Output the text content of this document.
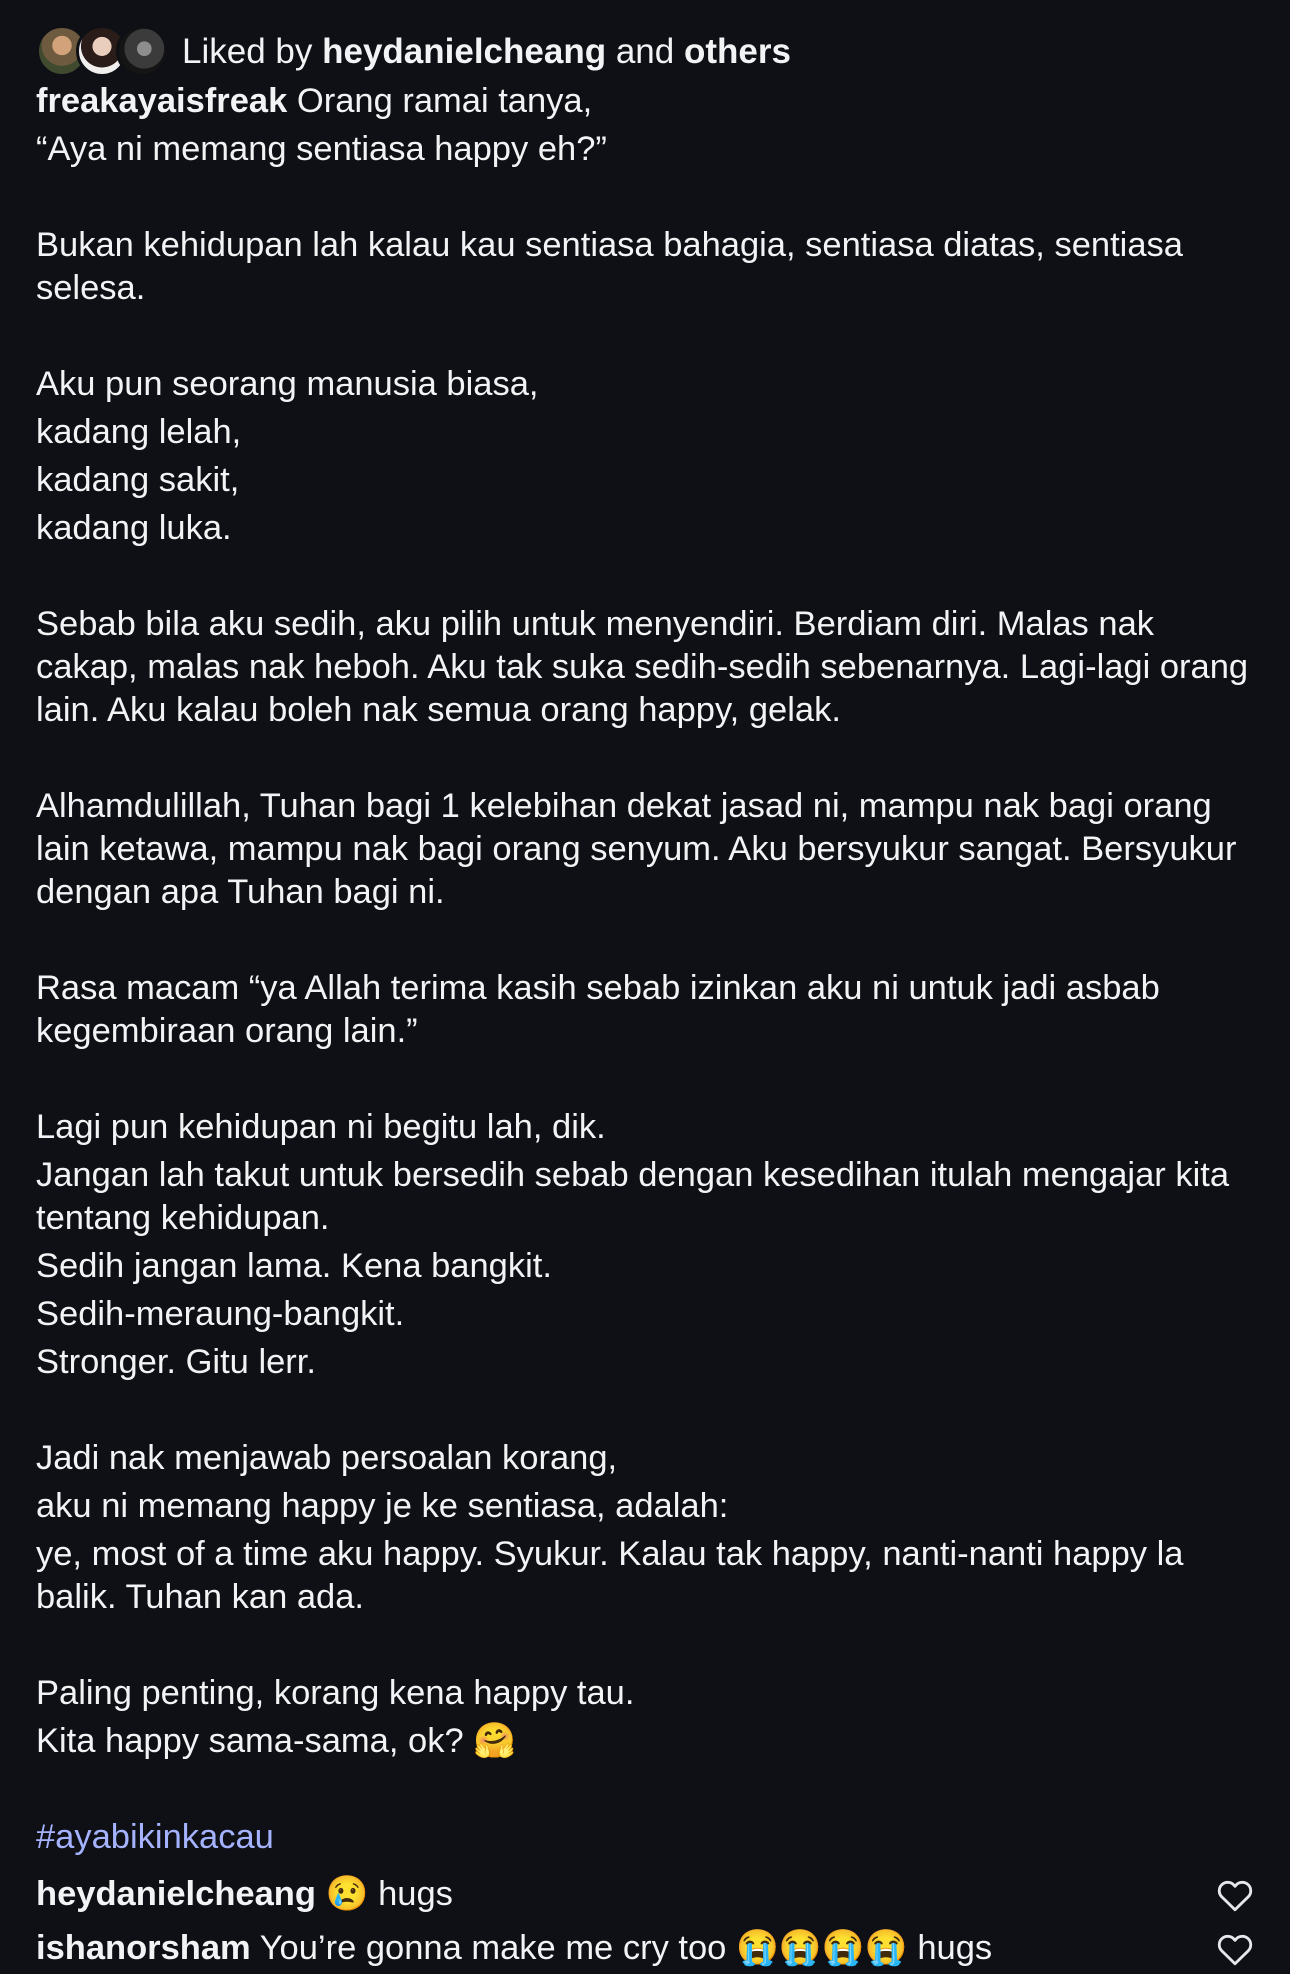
Liked by heydanielcheang and others
freakayaisfreak Orang ramai tanya,
“Aya ni memang sentiasa happy eh?”
Bukan kehidupan lah kalau kau sentiasa bahagia, sentiasa diatas, sentiasa selesa.
Aku pun seorang manusia biasa,
kadang lelah,
kadang sakit,
kadang luka.
Sebab bila aku sedih, aku pilih untuk menyendiri. Berdiam diri. Malas nak cakap, malas nak heboh. Aku tak suka sedih-sedih sebenarnya. Lagi-lagi orang lain. Aku kalau boleh nak semua orang happy, gelak.
Alhamdulillah, Tuhan bagi 1 kelebihan dekat jasad ni, mampu nak bagi orang lain ketawa, mampu nak bagi orang senyum. Aku bersyukur sangat. Bersyukur dengan apa Tuhan bagi ni.
Rasa macam “ya Allah terima kasih sebab izinkan aku ni untuk jadi asbab kegembiraan orang lain.”
Lagi pun kehidupan ni begitu lah, dik.
Jangan lah takut untuk bersedih sebab dengan kesedihan itulah mengajar kita tentang kehidupan.
Sedih jangan lama. Kena bangkit.
Sedih-meraung-bangkit.
Stronger. Gitu lerr.
Jadi nak menjawab persoalan korang,
aku ni memang happy je ke sentiasa, adalah:
ye, most of a time aku happy. Syukur. Kalau tak happy, nanti-nanti happy la balik. Tuhan kan ada.
Paling penting, korang kena happy tau.
Kita happy sama-sama, ok? 🤗
#ayabikinkacau
heydanielcheang 😢 hugs
ishanorsham You’re gonna make me cry too 😭😭😭😭 hugs
